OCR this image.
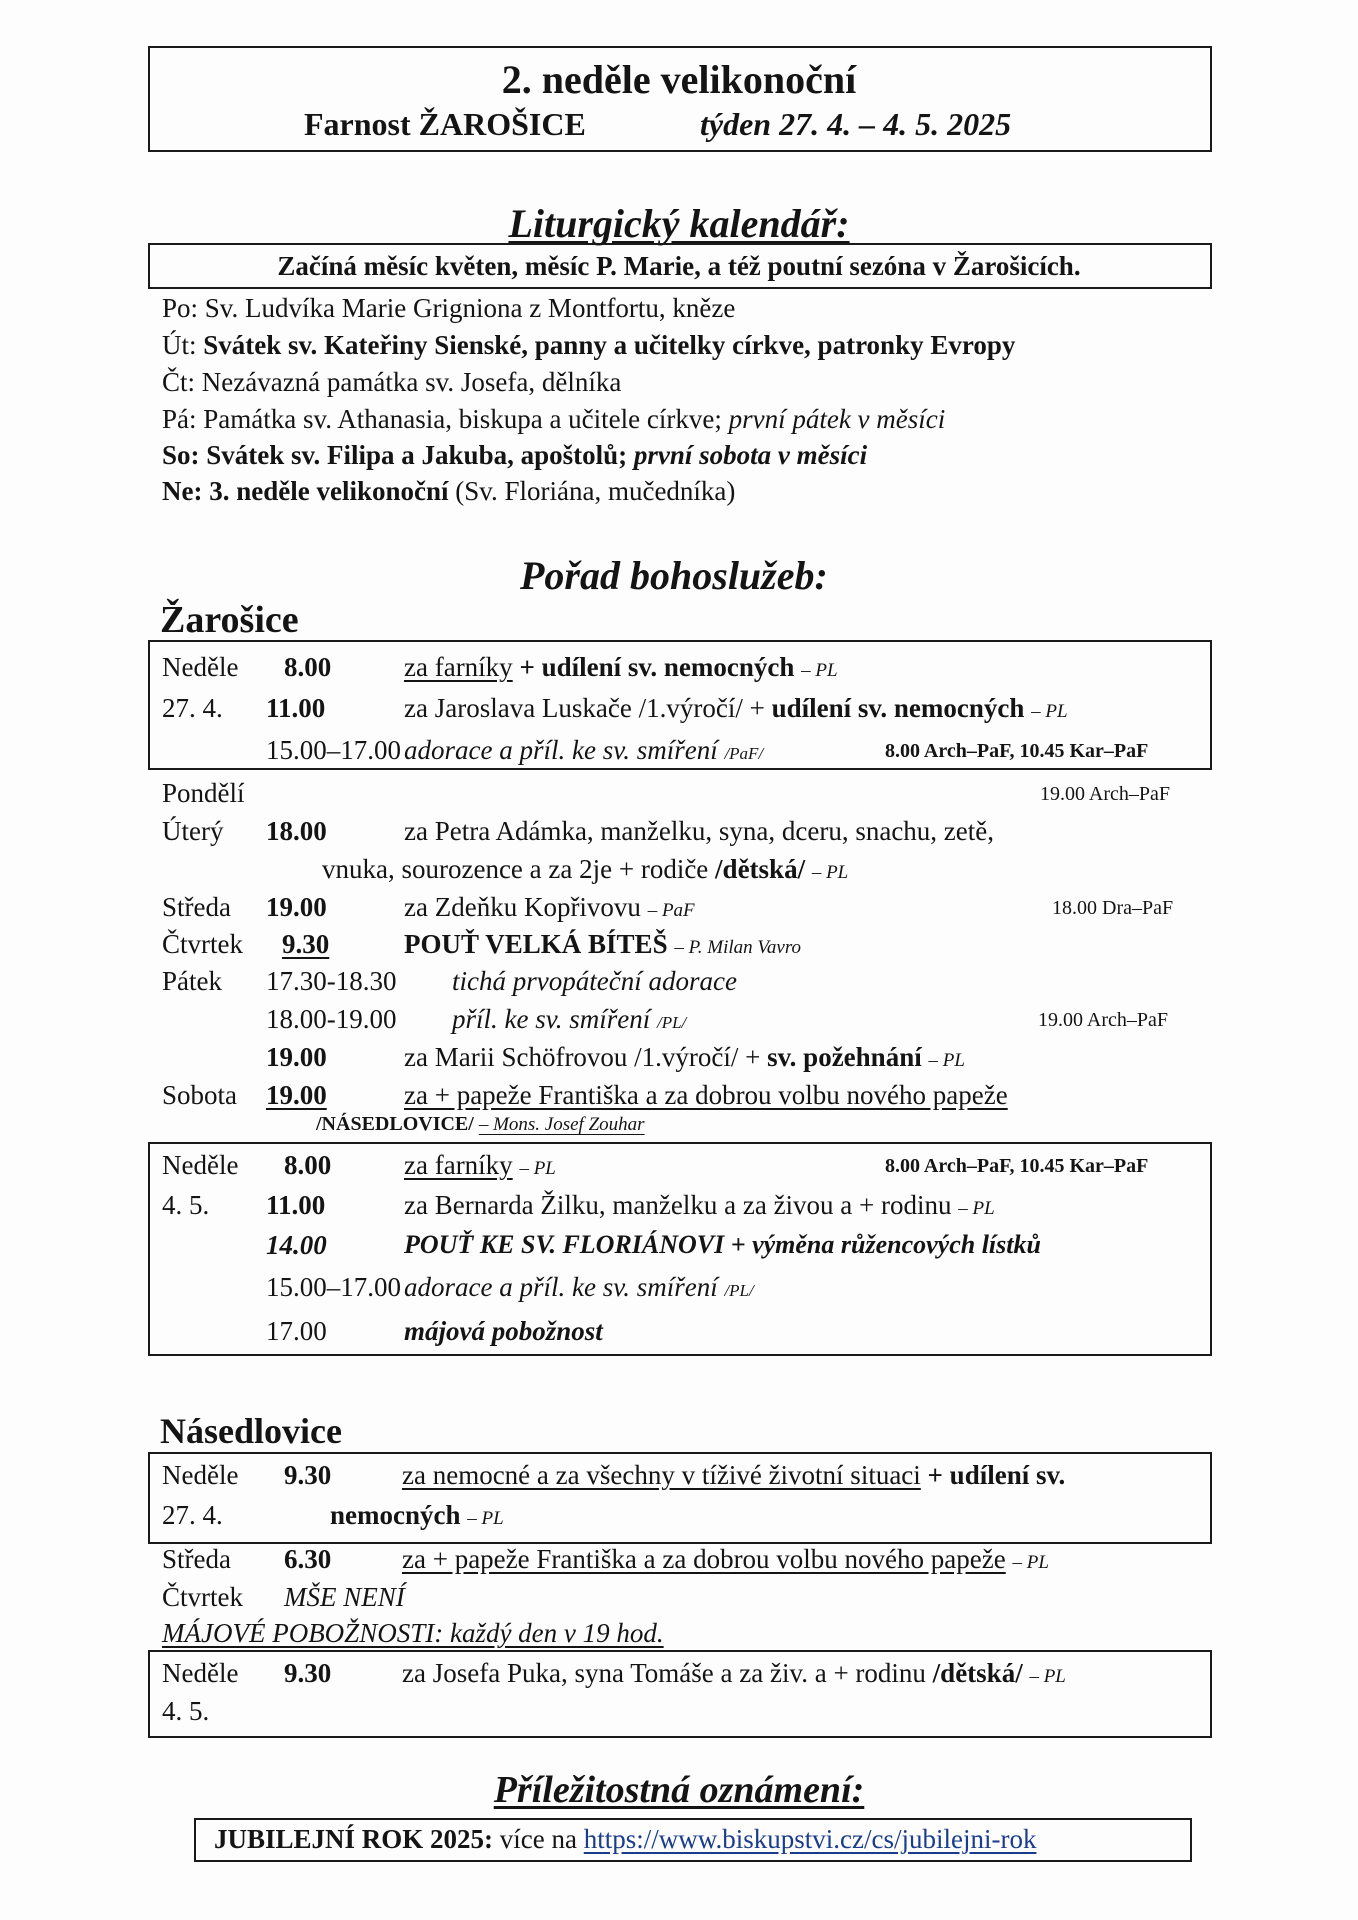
2. neděle velikonoční
Farnost ŽAROŠICE	týden 27. 4. – 4. 5. 2025
Liturgický kalendář:
Začíná měsíc květen, měsíc P. Marie, a též poutní sezóna v Žarošicích.
Po: Sv. Ludvíka Marie Grigniona z Montfortu, kněze
Út: Svátek sv. Kateřiny Sienské, panny a učitelky církve, patronky Evropy
Čt: Nezávazná památka sv. Josefa, dělníka
Pá: Památka sv. Athanasia, biskupa a učitele církve; první pátek v měsíci
So: Svátek sv. Filipa a Jakuba, apoštolů; první sobota v měsíci
Ne: 3. neděle velikonoční (Sv. Floriána, mučedníka)
Pořad bohoslužeb:
Žarošice
Neděle 8.00	za farníky + udílení sv. nemocných – PL
27. 4. 11.00	za Jaroslava Luskače /1.výročí/ + udílení sv. nemocných – PL
15.00–17.00 adorace a příl. ke sv. smíření /PaF/	8.00 Arch–PaF, 10.45 Kar–PaF
Pondělí	19.00 Arch–PaF
Úterý 18.00	za Petra Adámka, manželku, syna, dceru, snachu, zetě,
vnuka, sourozence a za 2je + rodiče /dětská/ – PL
Středa 19.00	za Zdeňku Kopřivovu – PaF	18.00 Dra–PaF
Čtvrtek 9.30	POUŤ VELKÁ BÍTEŠ – P. Milan Vavro
Pátek 17.30-18.30 tichá prvopáteční adorace
18.00-19.00 příl. ke sv. smíření /PL/	19.00 Arch–PaF
19.00	za Marii Schöfrovou /1.výročí/ + sv. požehnání – PL
Sobota 19.00	za + papeže Františka a za dobrou volbu nového papeže
/NÁSEDLOVICE/ – Mons. Josef Zouhar
Neděle 8.00	za farníky – PL	8.00 Arch–PaF, 10.45 Kar–PaF
4. 5. 11.00	za Bernarda Žilku, manželku a za živou a + rodinu – PL
14.00	POUŤ KE SV. FLORIÁNOVI + výměna růžencových lístků
15.00–17.00 adorace a příl. ke sv. smíření /PL/
17.00	májová pobožnost
Násedlovice
Neděle 9.30	za nemocné a za všechny v tíživé životní situaci + udílení sv.
27. 4.	nemocných – PL
Středa 6.30	za + papeže Františka a za dobrou volbu nového papeže – PL
Čtvrtek MŠE NENÍ
MÁJOVÉ POBOŽNOSTI: každý den v 19 hod.
Neděle 9.30	za Josefa Puka, syna Tomáše a za živ. a + rodinu /dětská/ – PL
4. 5.
Příležitostná oznámení:
JUBILEJNÍ ROK 2025: více na https://www.biskupstvi.cz/cs/jubilejni-rok
